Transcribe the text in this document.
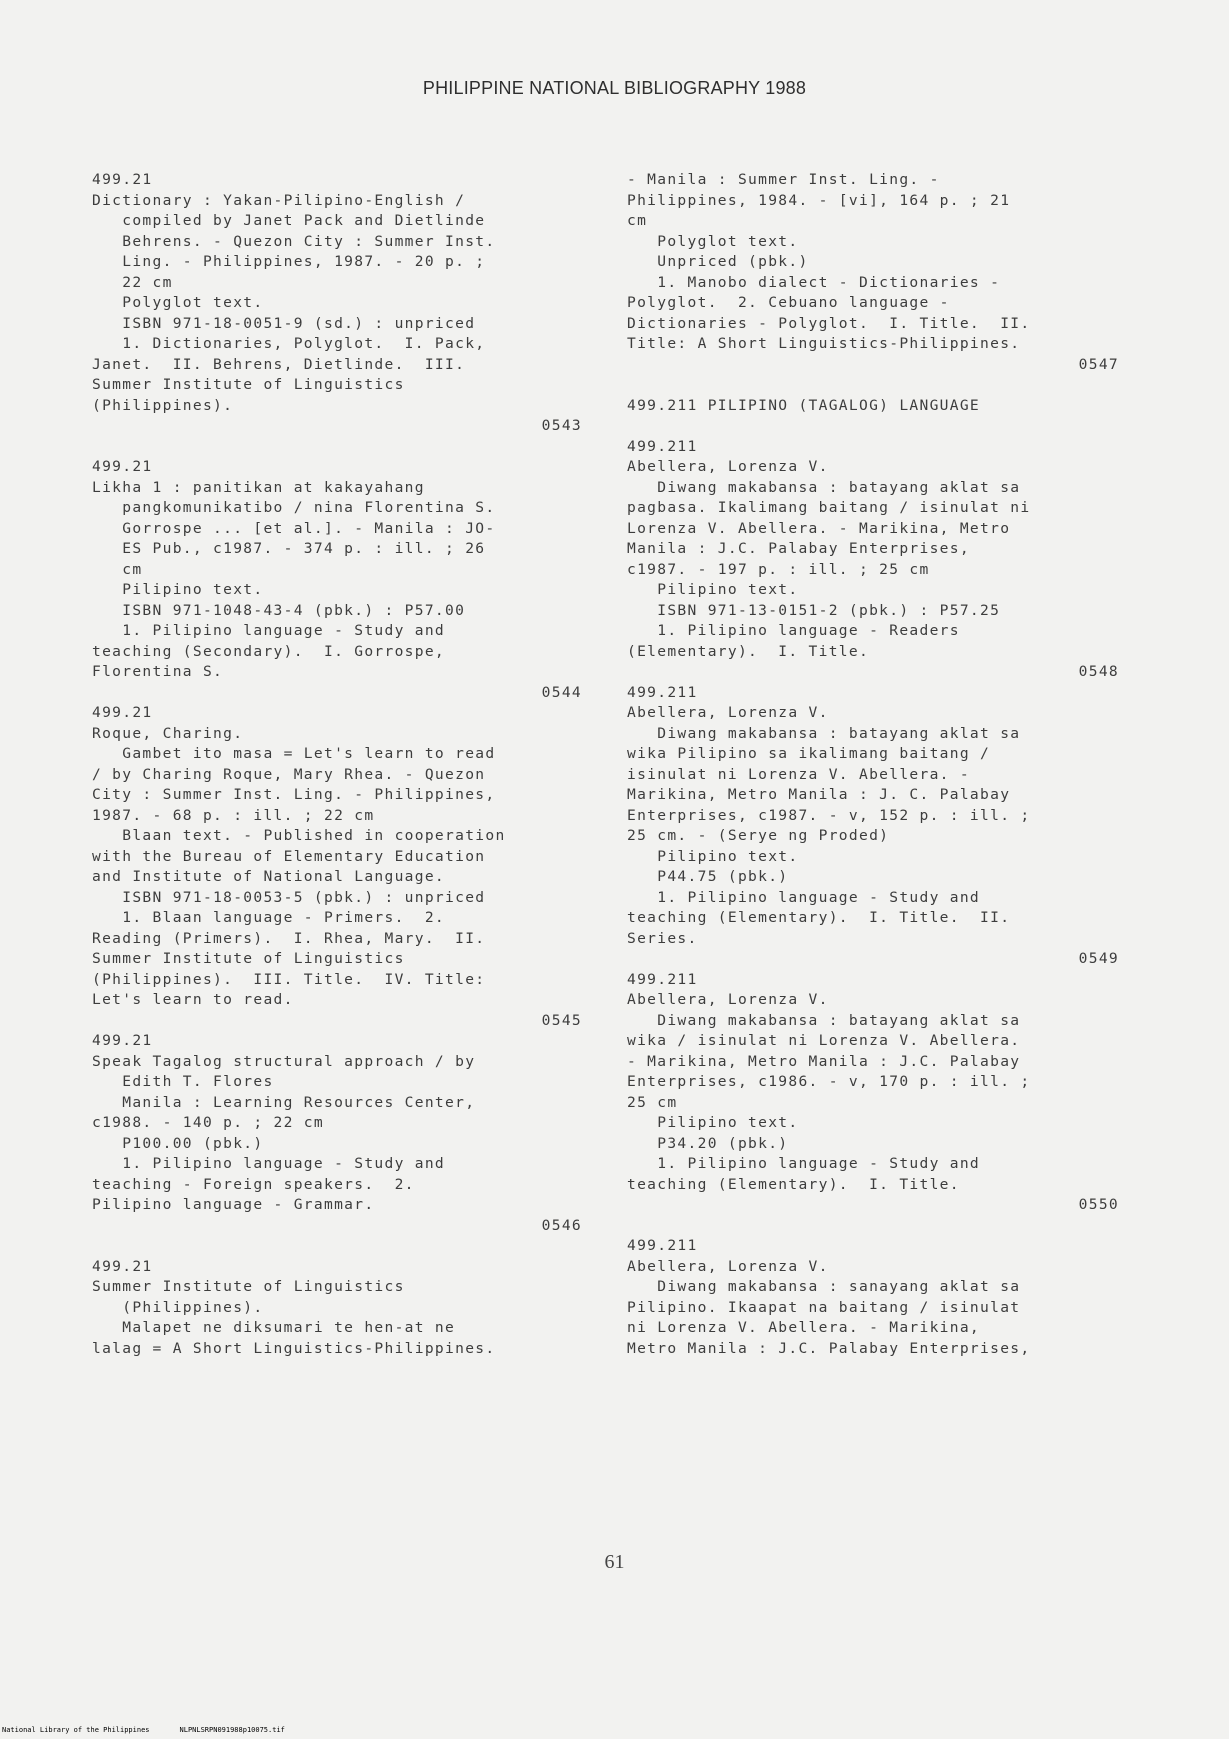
PHILIPPINE NATIONAL BIBLIOGRAPHY 1988
499.21
Dictionary : Yakan-Pilipino-English /
compiled by Janet Pack and Dietlinde
Behrens. - Quezon City : Summer Inst.
Ling. - Philippines, 1987. - 20 p. ;
22 cm
Polyglot text.
ISBN 971-18-0051-9 (sd.) : unpriced
1. Dictionaries, Polyglot.  I. Pack,
Janet.  II. Behrens, Dietlinde.  III.
Summer Institute of Linguistics
(Philippines).
0543
499.21
Likha 1 : panitikan at kakayahang
pangkomunikatibo / nina Florentina S.
Gorrospe ... [et al.]. - Manila : JO-
ES Pub., c1987. - 374 p. : ill. ; 26
cm
Pilipino text.
ISBN 971-1048-43-4 (pbk.) : P57.00
1. Pilipino language - Study and
teaching (Secondary).  I. Gorrospe,
Florentina S.
0544
499.21
Roque, Charing.
Gambet ito masa = Let's learn to read
/ by Charing Roque, Mary Rhea. - Quezon
City : Summer Inst. Ling. - Philippines,
1987. - 68 p. : ill. ; 22 cm
Blaan text. - Published in cooperation
with the Bureau of Elementary Education
and Institute of National Language.
ISBN 971-18-0053-5 (pbk.) : unpriced
1. Blaan language - Primers.  2.
Reading (Primers).  I. Rhea, Mary.  II.
Summer Institute of Linguistics
(Philippines).  III. Title.  IV. Title:
Let's learn to read.
0545
499.21
Speak Tagalog structural approach / by
Edith T. Flores
Manila : Learning Resources Center,
c1988. - 140 p. ; 22 cm
P100.00 (pbk.)
1. Pilipino language - Study and
teaching - Foreign speakers.  2.
Pilipino language - Grammar.
0546
499.21
Summer Institute of Linguistics
(Philippines).
Malapet ne diksumari te hen-at ne
lalag = A Short Linguistics-Philippines.
- Manila : Summer Inst. Ling. -
Philippines, 1984. - [vi], 164 p. ; 21
cm
Polyglot text.
Unpriced (pbk.)
1. Manobo dialect - Dictionaries -
Polyglot.  2. Cebuano language -
Dictionaries - Polyglot.  I. Title.  II.
Title: A Short Linguistics-Philippines.
0547
499.211 PILIPINO (TAGALOG) LANGUAGE
499.211
Abellera, Lorenza V.
Diwang makabansa : batayang aklat sa
pagbasa. Ikalimang baitang / isinulat ni
Lorenza V. Abellera. - Marikina, Metro
Manila : J.C. Palabay Enterprises,
c1987. - 197 p. : ill. ; 25 cm
Pilipino text.
ISBN 971-13-0151-2 (pbk.) : P57.25
1. Pilipino language - Readers
(Elementary).  I. Title.
0548
499.211
Abellera, Lorenza V.
Diwang makabansa : batayang aklat sa
wika Pilipino sa ikalimang baitang /
isinulat ni Lorenza V. Abellera. -
Marikina, Metro Manila : J. C. Palabay
Enterprises, c1987. - v, 152 p. : ill. ;
25 cm. - (Serye ng Proded)
Pilipino text.
P44.75 (pbk.)
1. Pilipino language - Study and
teaching (Elementary).  I. Title.  II.
Series.
0549
499.211
Abellera, Lorenza V.
Diwang makabansa : batayang aklat sa
wika / isinulat ni Lorenza V. Abellera.
- Marikina, Metro Manila : J.C. Palabay
Enterprises, c1986. - v, 170 p. : ill. ;
25 cm
Pilipino text.
P34.20 (pbk.)
1. Pilipino language - Study and
teaching (Elementary).  I. Title.
0550
499.211
Abellera, Lorenza V.
Diwang makabansa : sanayang aklat sa
Pilipino. Ikaapat na baitang / isinulat
ni Lorenza V. Abellera. - Marikina,
Metro Manila : J.C. Palabay Enterprises,
61
National Library of the Philippines	NLPNLSRPN091988p10075.tif
